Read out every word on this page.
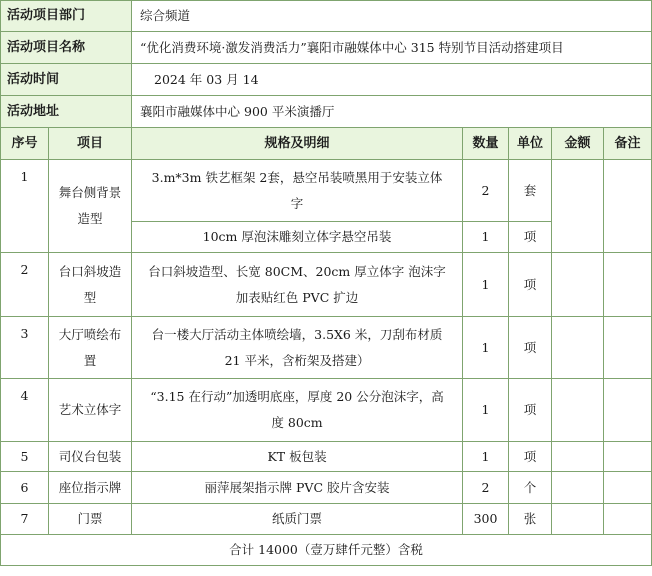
活动项目部门		综合频道				
活动项目名称		“优化消费环境·激发消费活力”襄阳市融媒体中心 315 特别节目活动搭建项目				
活动时间		2024 年 03 月 14				
活动地址		襄阳市融媒体中心 900 平米演播厅				
序号	项目	规格及明细	数量	单位	金额	备注
1	舞台侧背景造型	3.m*3m 铁艺框架 2套，悬空吊装喷黑用于安装立体字	2	套		
		10cm 厚泡沫雕刻立体字悬空吊装	1	项		
2	台口斜坡造型	台口斜坡造型、长宽 80CM、20cm 厚立体字 泡沫字加表贴红色 PVC 扩边	1	项		
3	大厅喷绘布置	台一楼大厅活动主体喷绘墙，3.5X6 米，刀刮布材质 21 平米，含桁架及搭建）	1	项		
4	艺术立体字	“3.15 在行动”加透明底座，厚度 20 公分泡沫字，高度 80cm	1	项		
5	司仪台包装	KT 板包装	1	项		
6	座位指示牌	丽萍展架指示牌 PVC 胶片含安装	2	个		
7	门票	纸质门票	300	张		
合计 14000（壹万肆仟元整）含税						
